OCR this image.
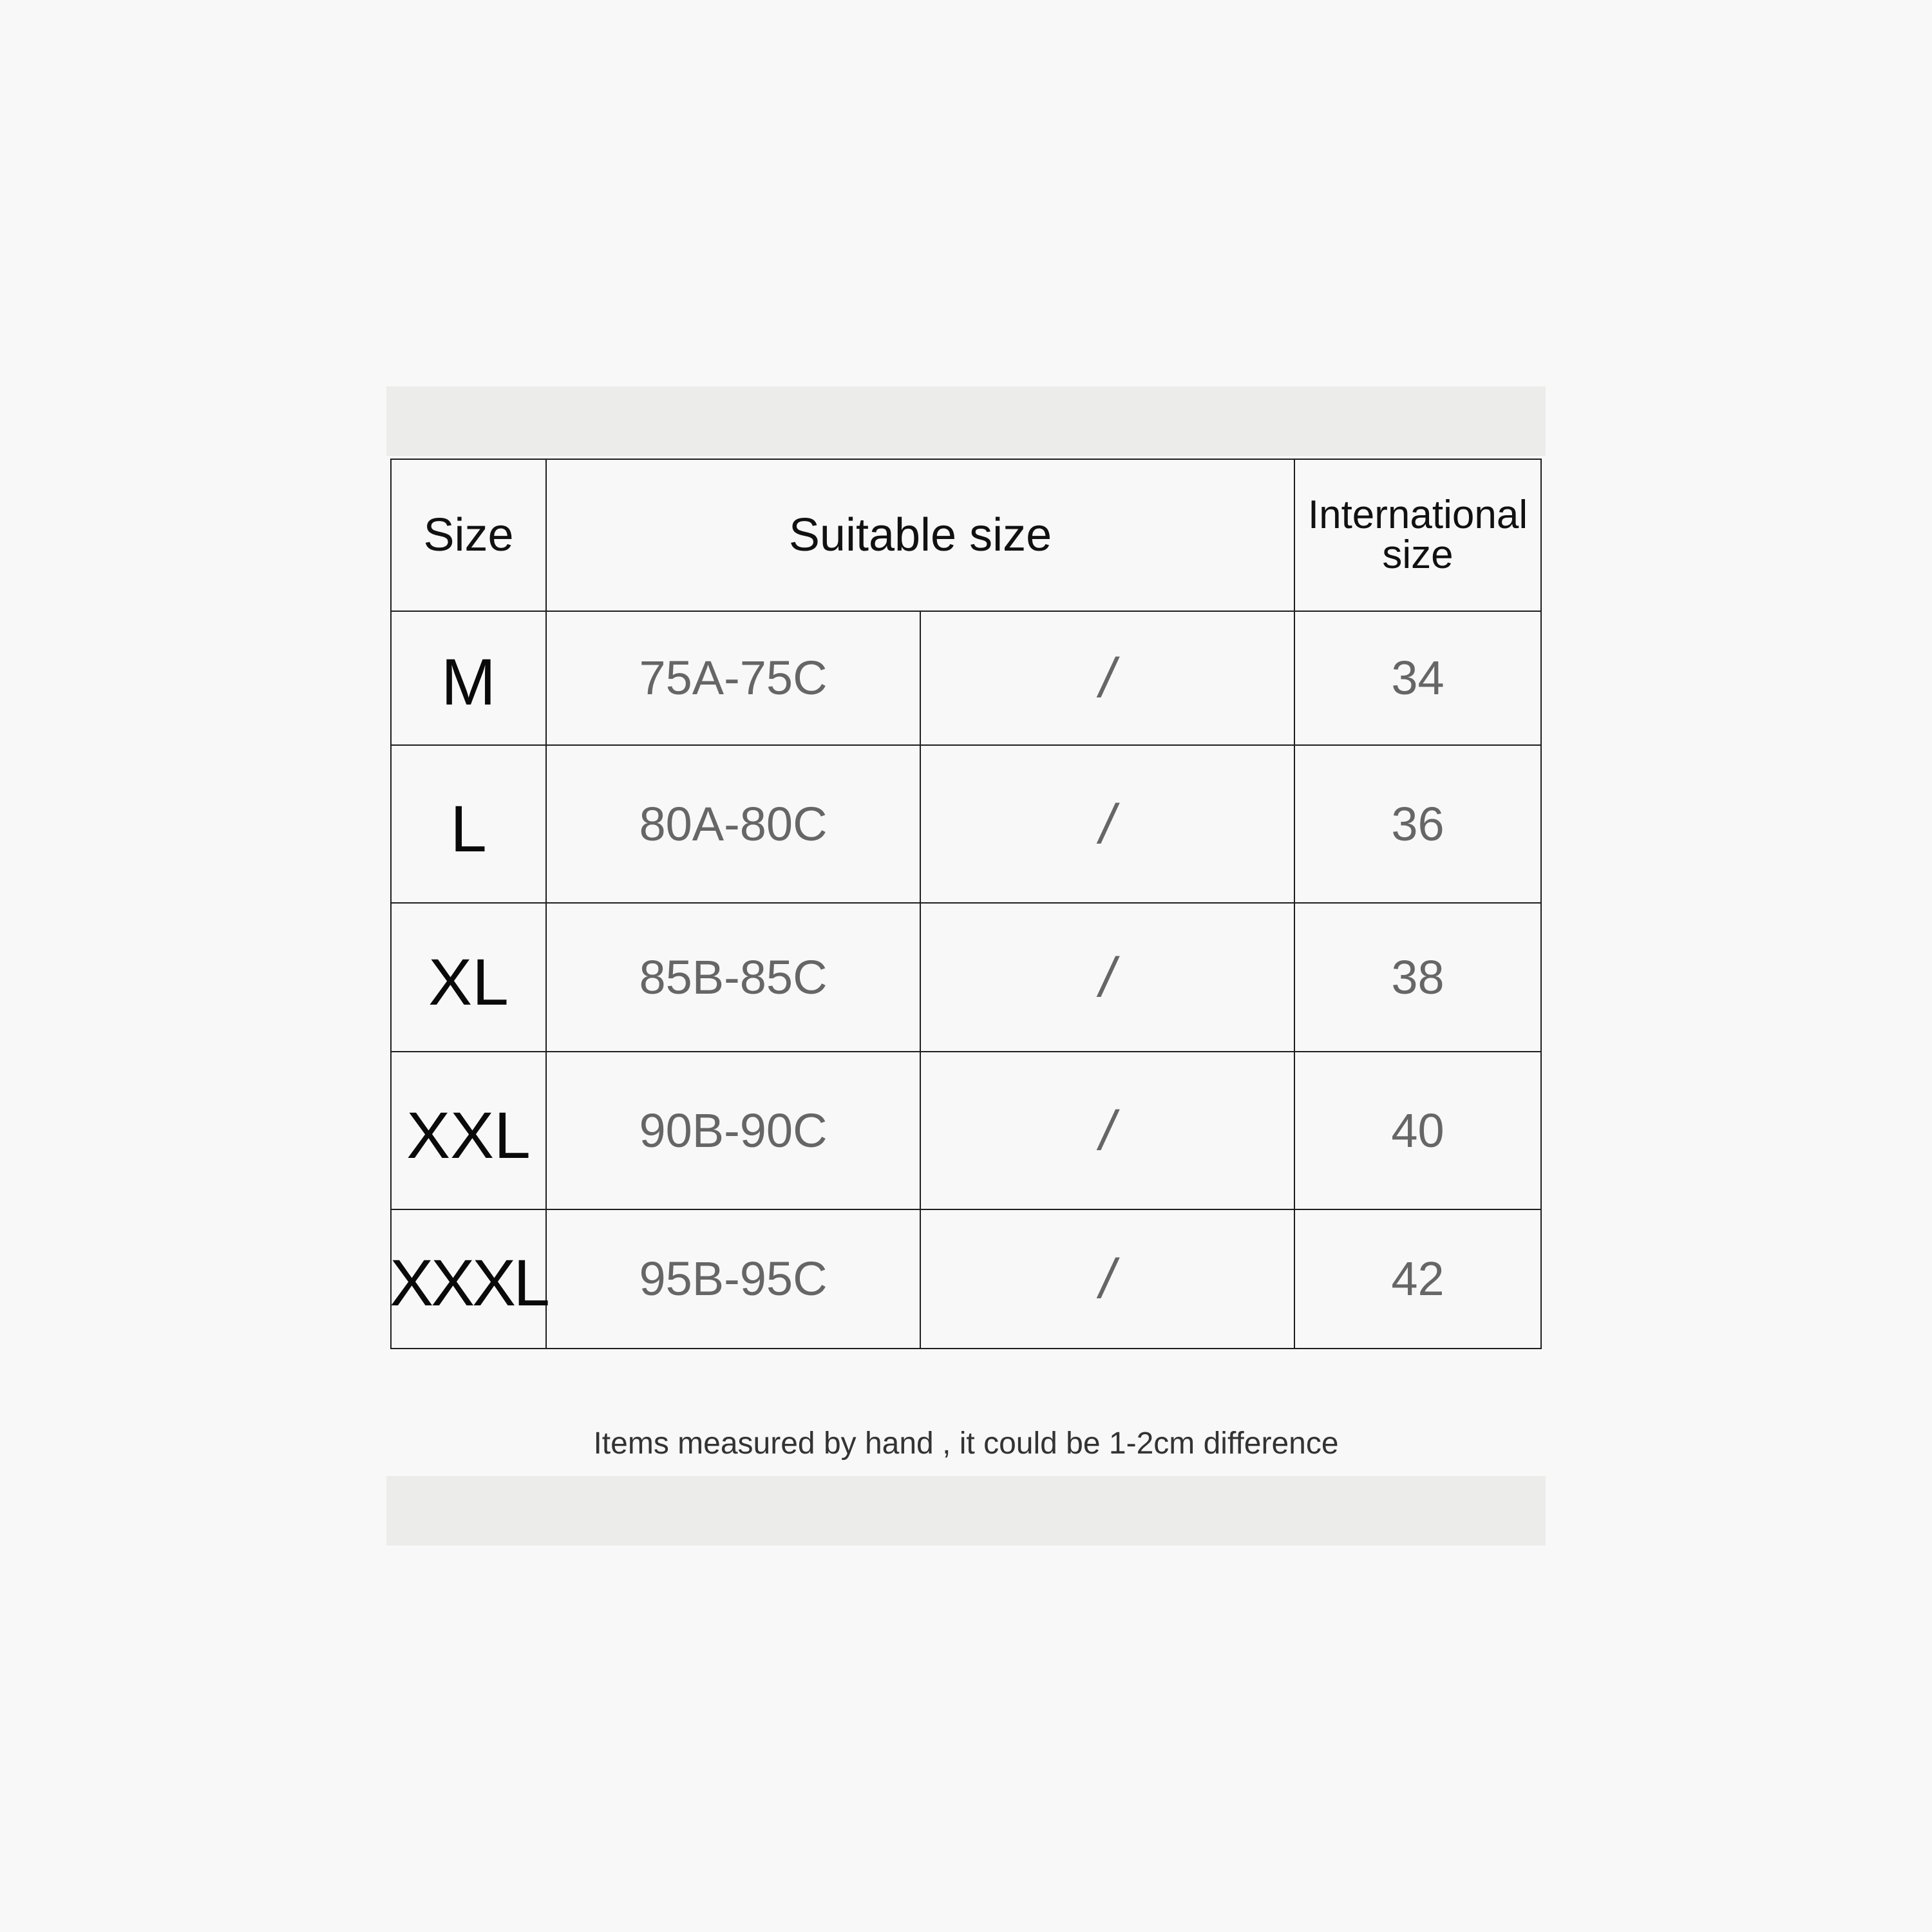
Size	Suitable size	International
size
M	75A-75C	/	34
L	80A-80C	/	36
XL	85B-85C	/	38
XXL 90B-90C	/	40
XXXL 95B-95C	/	42
Items measured by hand , it could be 1-2cm difference
